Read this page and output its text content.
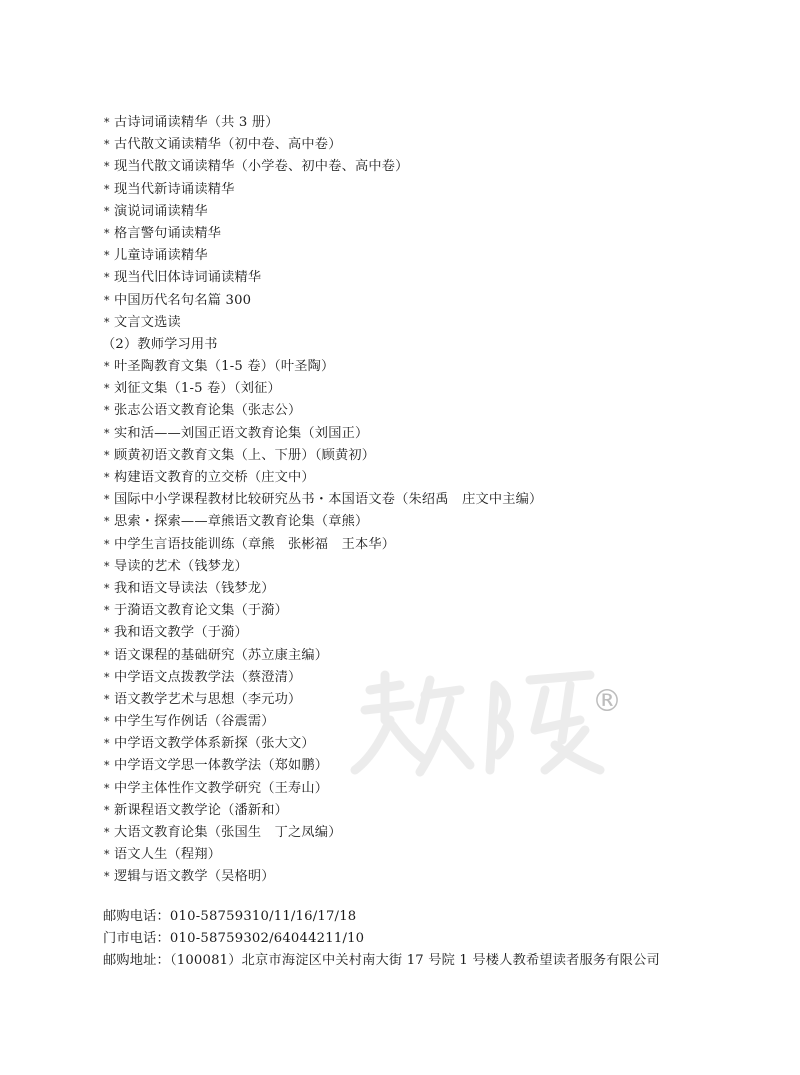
* 古诗词诵读精华（共 3 册）
* 古代散文诵读精华（初中卷、高中卷）
* 现当代散文诵读精华（小学卷、初中卷、高中卷）
* 现当代新诗诵读精华
* 演说词诵读精华
* 格言警句诵读精华
* 儿童诗诵读精华
* 现当代旧体诗词诵读精华
* 中国历代名句名篇 300
* 文言文选读
（2）教师学习用书
* 叶圣陶教育文集（1-5 卷）（叶圣陶）
* 刘征文集（1-5 卷）（刘征）
* 张志公语文教育论集（张志公）
* 实和活——刘国正语文教育论集（刘国正）
* 顾黄初语文教育文集（上、下册）（顾黄初）
* 构建语文教育的立交桥（庄文中）
* 国际中小学课程教材比较研究丛书・本国语文卷（朱绍禹　庄文中主编）
* 思索・探索——章熊语文教育论集（章熊）
* 中学生言语技能训练（章熊　张彬福　王本华）
* 导读的艺术（钱梦龙）
* 我和语文导读法（钱梦龙）
* 于漪语文教育论文集（于漪）
* 我和语文教学（于漪）
* 语文课程的基础研究（苏立康主编）
* 中学语文点拨教学法（蔡澄清）
* 语文教学艺术与思想（李元功）
* 中学生写作例话（谷震需）
* 中学语文教学体系新探（张大文）
* 中学语文学思一体教学法（郑如鹏）
* 中学主体性作文教学研究（王寿山）
* 新课程语文教学论（潘新和）
* 大语文教育论集（张国生　丁之凤编）
* 语文人生（程翔）
* 逻辑与语文教学（吴格明）
邮购电话：010-58759310/11/16/17/18
门市电话：010-58759302/64044211/10
邮购地址：（100081）北京市海淀区中关村南大街 17 号院 1 号楼人教希望读者服务有限公司
®
